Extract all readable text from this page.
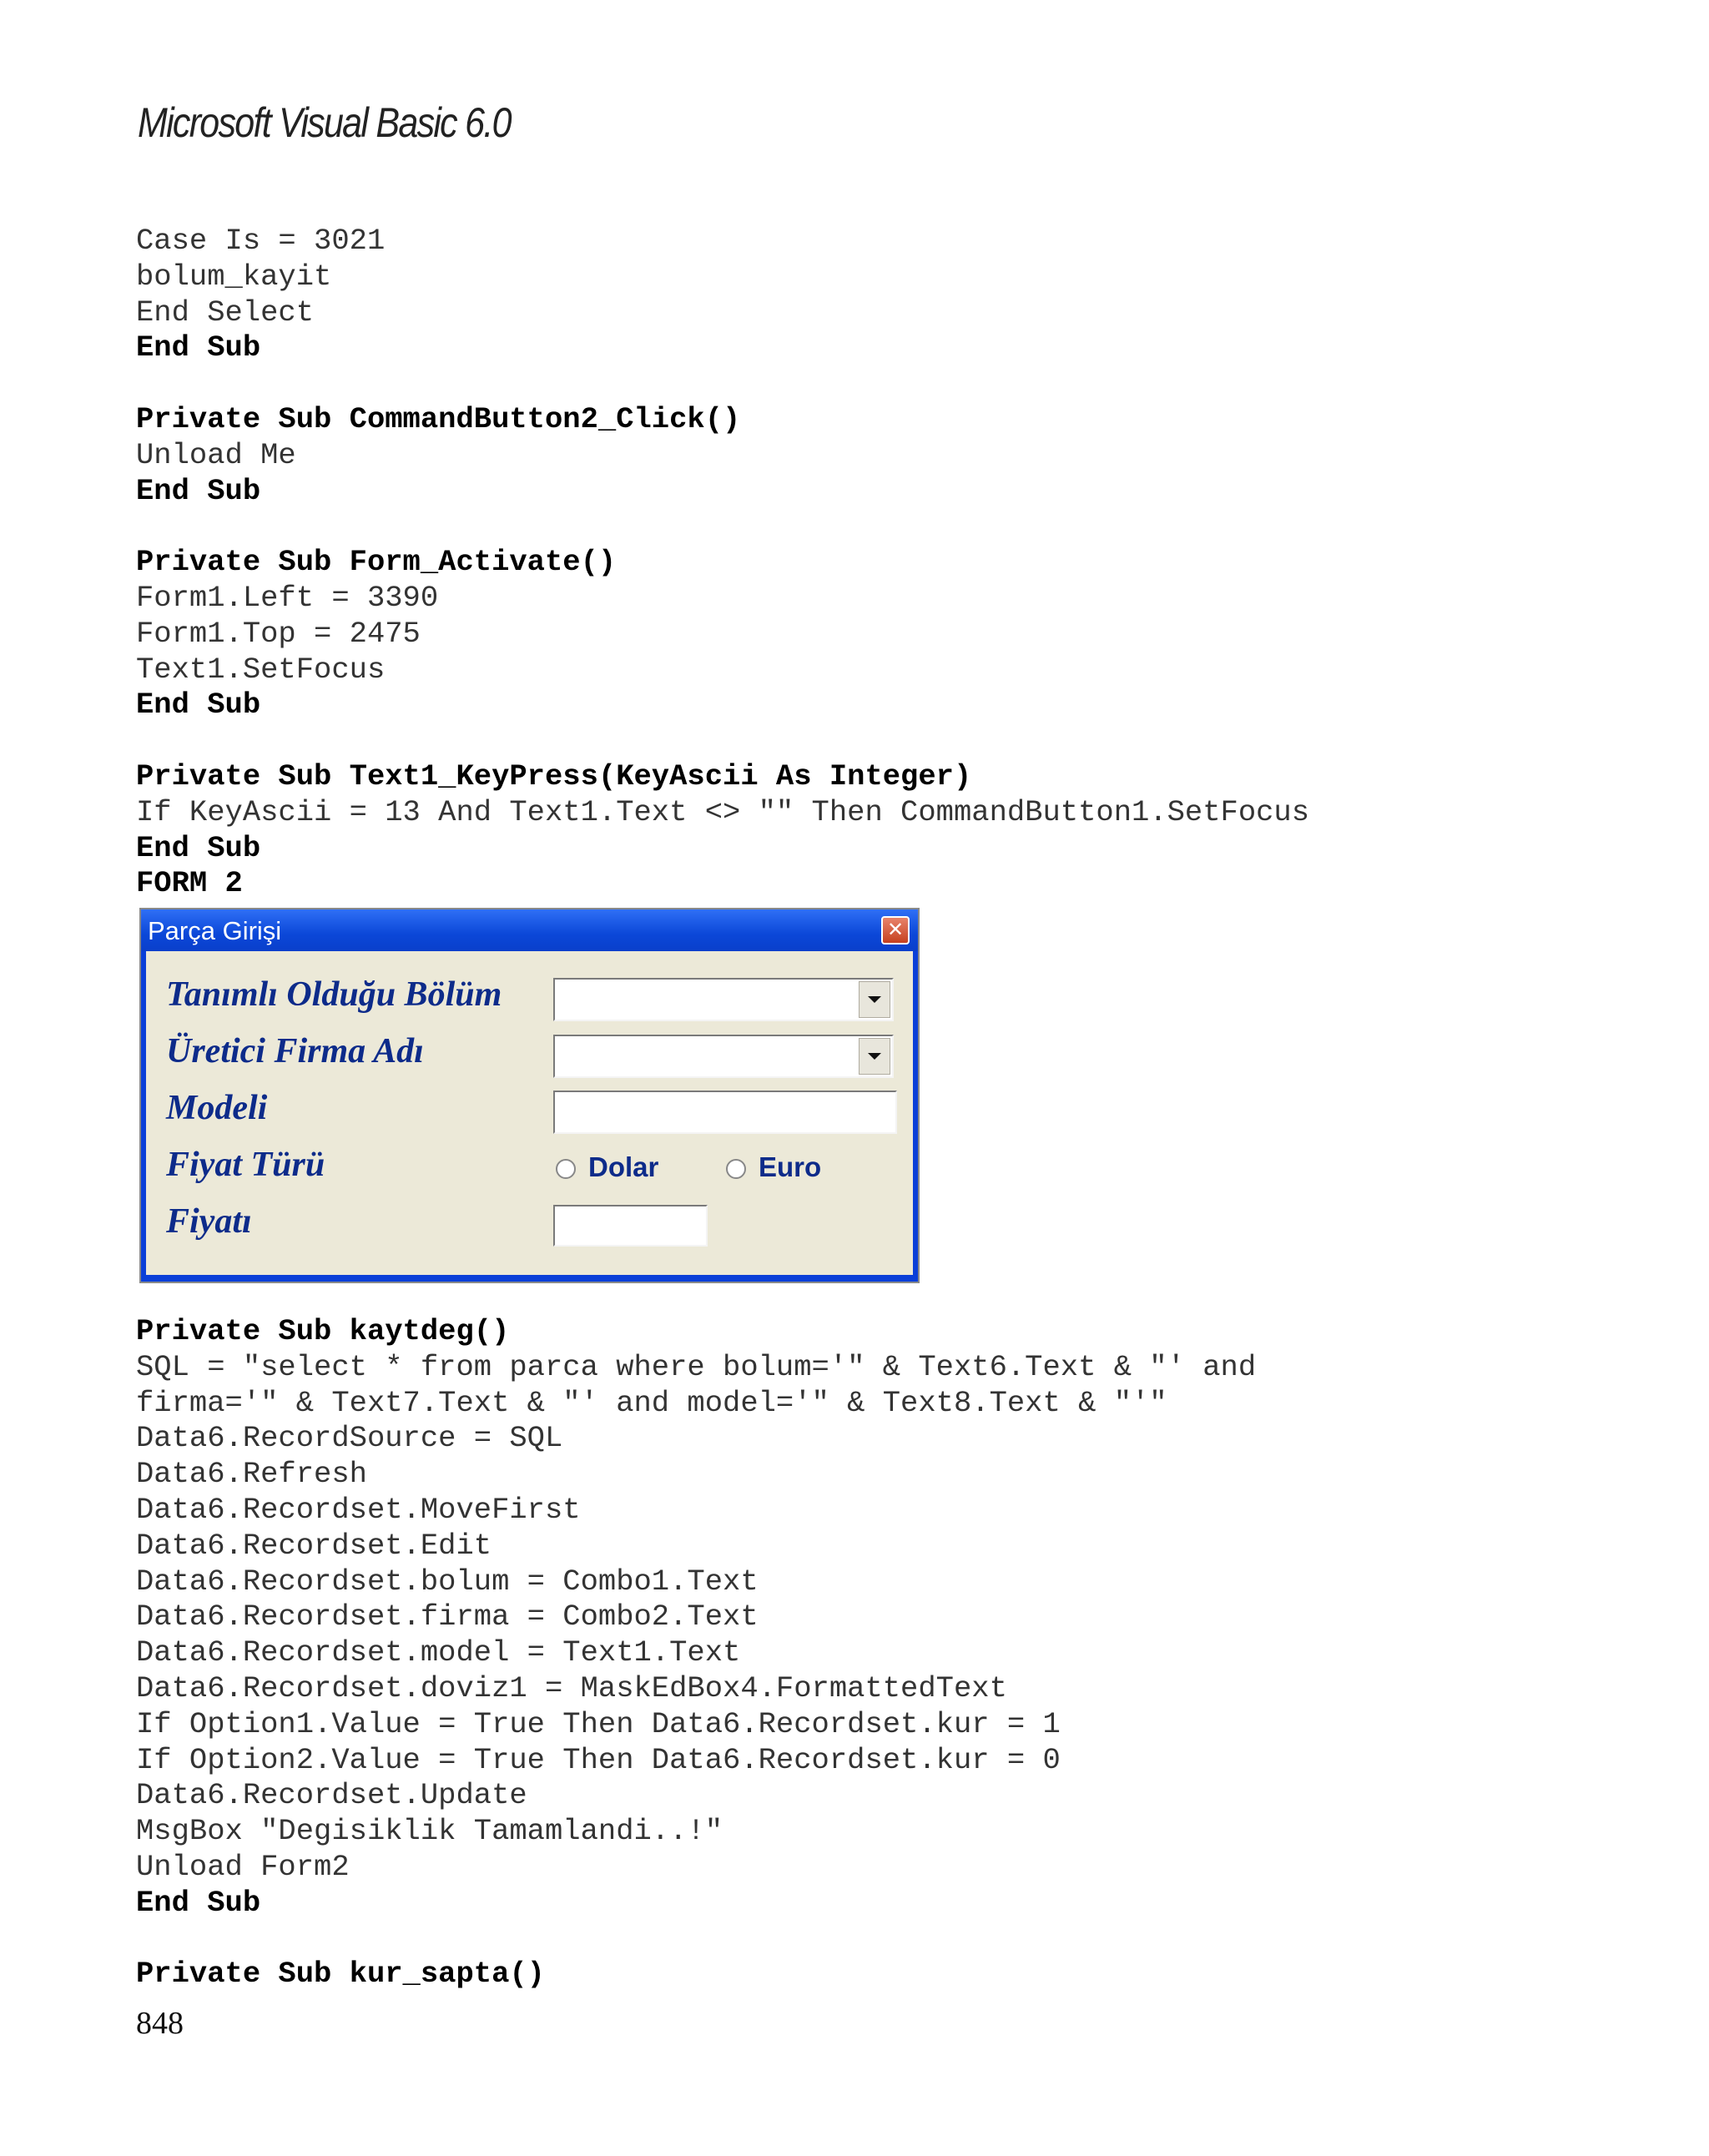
Microsoft Visual Basic 6.0
Case Is = 3021
bolum_kayit
End Select
End Sub
Private Sub CommandButton2_Click()
Unload Me
End Sub
Private Sub Form_Activate()
Form1.Left = 3390
Form1.Top = 2475
Text1.SetFocus
End Sub
Private Sub Text1_KeyPress(KeyAscii As Integer)
If KeyAscii = 13 And Text1.Text <> "" Then CommandButton1.SetFocus
End Sub
FORM 2
Parça Girişi	✕
Tanımlı Olduğu Bölüm
Üretici Firma Adı
Modeli
Fiyat Türü
Fiyatı
Dolar	Euro
Private Sub kaytdeg()
SQL = "select * from parca where bolum='" & Text6.Text & "' and
firma='" & Text7.Text & "' and model='" & Text8.Text & "'"
Data6.RecordSource = SQL
Data6.Refresh
Data6.Recordset.MoveFirst
Data6.Recordset.Edit
Data6.Recordset.bolum = Combo1.Text
Data6.Recordset.firma = Combo2.Text
Data6.Recordset.model = Text1.Text
Data6.Recordset.doviz1 = MaskEdBox4.FormattedText
If Option1.Value = True Then Data6.Recordset.kur = 1
If Option2.Value = True Then Data6.Recordset.kur = 0
Data6.Recordset.Update
MsgBox "Degisiklik Tamamlandi..!"
Unload Form2
End Sub
Private Sub kur_sapta()
848
